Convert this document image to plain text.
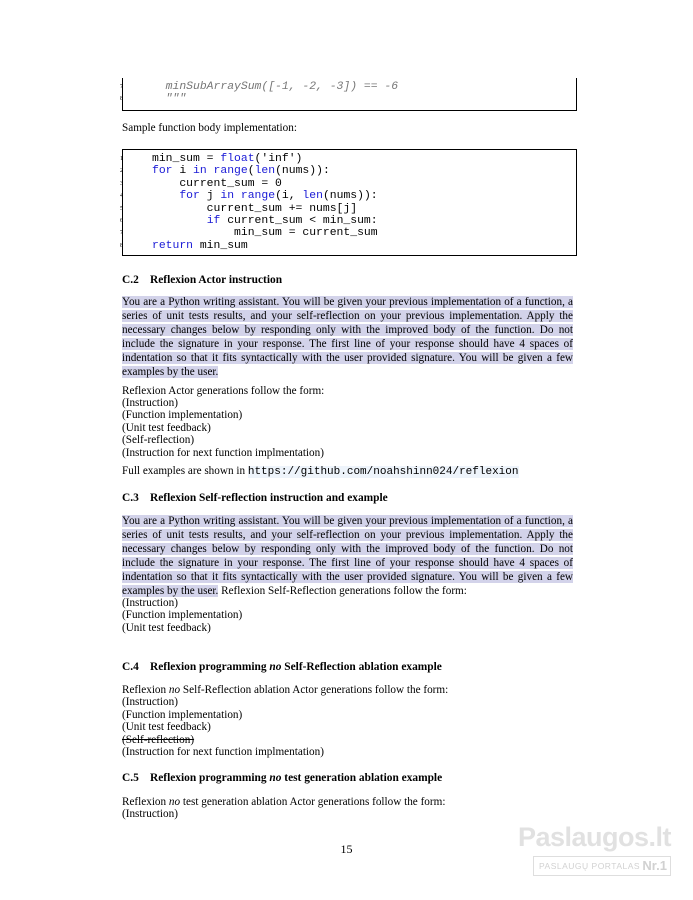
7	minSubArraySum([-1, -2, -3]) == -6
8	"""
Sample function body implementation:
1	min_sum = float('inf')
2	for i in range(len(nums)):
3	current_sum = 0
4	for j in range(i, len(nums)):
5	current_sum += nums[j]
6	if current_sum < min_sum:
7	min_sum = current_sum
8	return min_sum
C.2 Reflexion Actor instruction
You are a Python writing assistant. You will be given your previous implementation of a function, a series of unit tests results, and your self-reflection on your previous implementation. Apply the necessary changes below by responding only with the improved body of the function. Do not include the signature in your response. The first line of your response should have 4 spaces of indentation so that it fits syntactically with the user provided signature. You will be given a few examples by the user.
Reflexion Actor generations follow the form:
(Instruction)
(Function implementation)
(Unit test feedback)
(Self-reflection)
(Instruction for next function implmentation)
Full examples are shown in https://github.com/noahshinn024/reflexion
C.3 Reflexion Self-reflection instruction and example
You are a Python writing assistant. You will be given your previous implementation of a function, a series of unit tests results, and your self-reflection on your previous implementation. Apply the necessary changes below by responding only with the improved body of the function. Do not include the signature in your response. The first line of your response should have 4 spaces of indentation so that it fits syntactically with the user provided signature. You will be given a few examples by the user. Reflexion Self-Reflection generations follow the form:
(Instruction)
(Function implementation)
(Unit test feedback)
C.4 Reflexion programming no Self-Reflection ablation example
Reflexion no Self-Reflection ablation Actor generations follow the form:
(Instruction)
(Function implementation)
(Unit test feedback)
(Self-reflection)
(Instruction for next function implmentation)
C.5 Reflexion programming no test generation ablation example
Reflexion no test generation ablation Actor generations follow the form:
(Instruction)
15	Paslaugos.lt
PASLAUGŲ PORTALAS Nr.1
